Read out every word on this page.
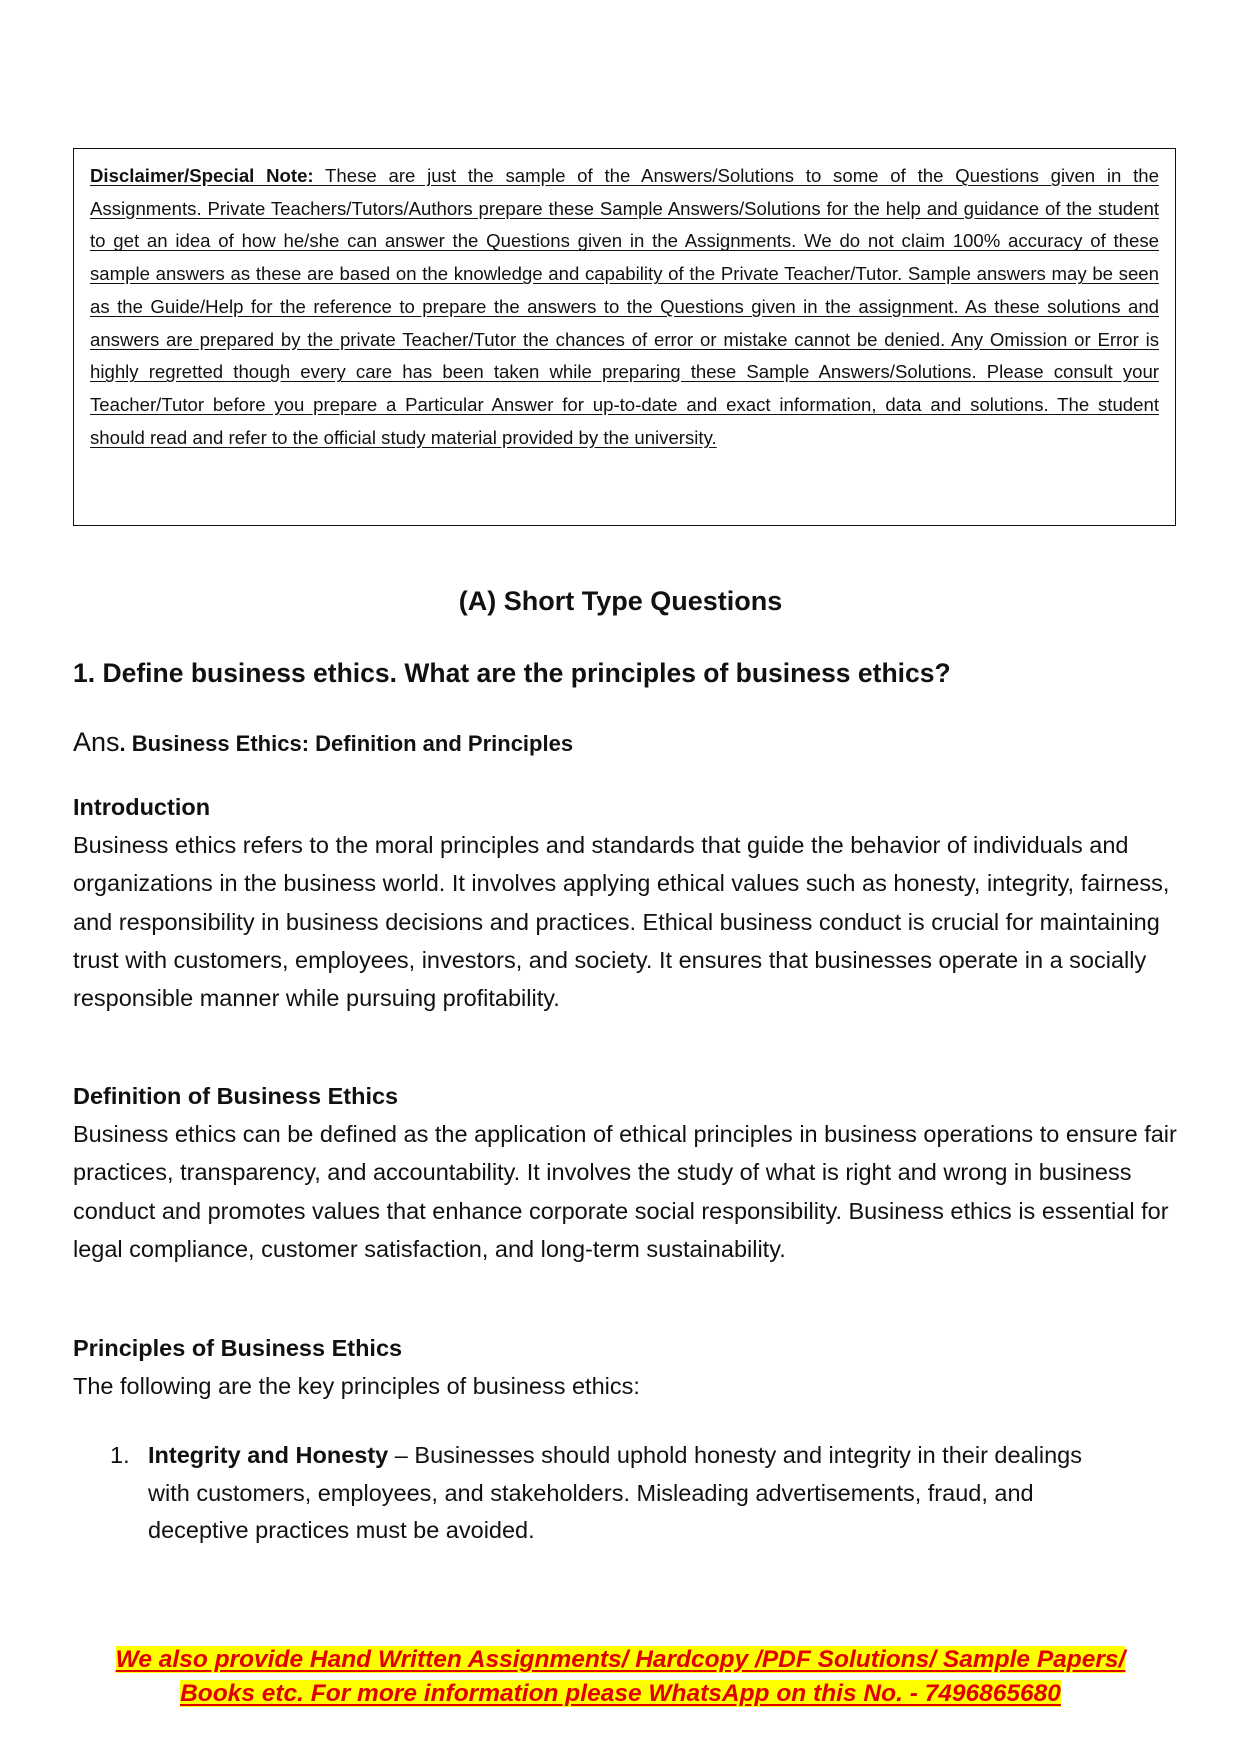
Disclaimer/Special Note: These are just the sample of the Answers/Solutions to some of the Questions given in the Assignments. Private Teachers/Tutors/Authors prepare these Sample Answers/Solutions for the help and guidance of the student to get an idea of how he/she can answer the Questions given in the Assignments. We do not claim 100% accuracy of these sample answers as these are based on the knowledge and capability of the Private Teacher/Tutor. Sample answers may be seen as the Guide/Help for the reference to prepare the answers to the Questions given in the assignment. As these solutions and answers are prepared by the private Teacher/Tutor the chances of error or mistake cannot be denied. Any Omission or Error is highly regretted though every care has been taken while preparing these Sample Answers/Solutions. Please consult your Teacher/Tutor before you prepare a Particular Answer for up-to-date and exact information, data and solutions. The student should read and refer to the official study material provided by the university.

(A) Short Type Questions
1. Define business ethics. What are the principles of business ethics?

Ans. Business Ethics: Definition and Principles

Introduction

Business ethics refers to the moral principles and standards that guide the behavior of individuals and organizations in the business world. It involves applying ethical values such as honesty, integrity, fairness, and responsibility in business decisions and practices. Ethical business conduct is crucial for maintaining trust with customers, employees, investors, and society. It ensures that businesses operate in a socially responsible manner while pursuing profitability.

Definition of Business Ethics

Business ethics can be defined as the application of ethical principles in business operations to ensure fair practices, transparency, and accountability. It involves the study of what is right and wrong in business conduct and promotes values that enhance corporate social responsibility. Business ethics is essential for legal compliance, customer satisfaction, and long-term sustainability.

Principles of Business Ethics

The following are the key principles of business ethics:

1. Integrity and Honesty – Businesses should uphold honesty and integrity in their dealings with customers, employees, and stakeholders. Misleading advertisements, fraud, and deceptive practices must be avoided.
We also provide Hand Written Assignments/ Hardcopy /PDF Solutions/ Sample Papers/
Books etc. For more information please WhatsApp on this No. - 7496865680
